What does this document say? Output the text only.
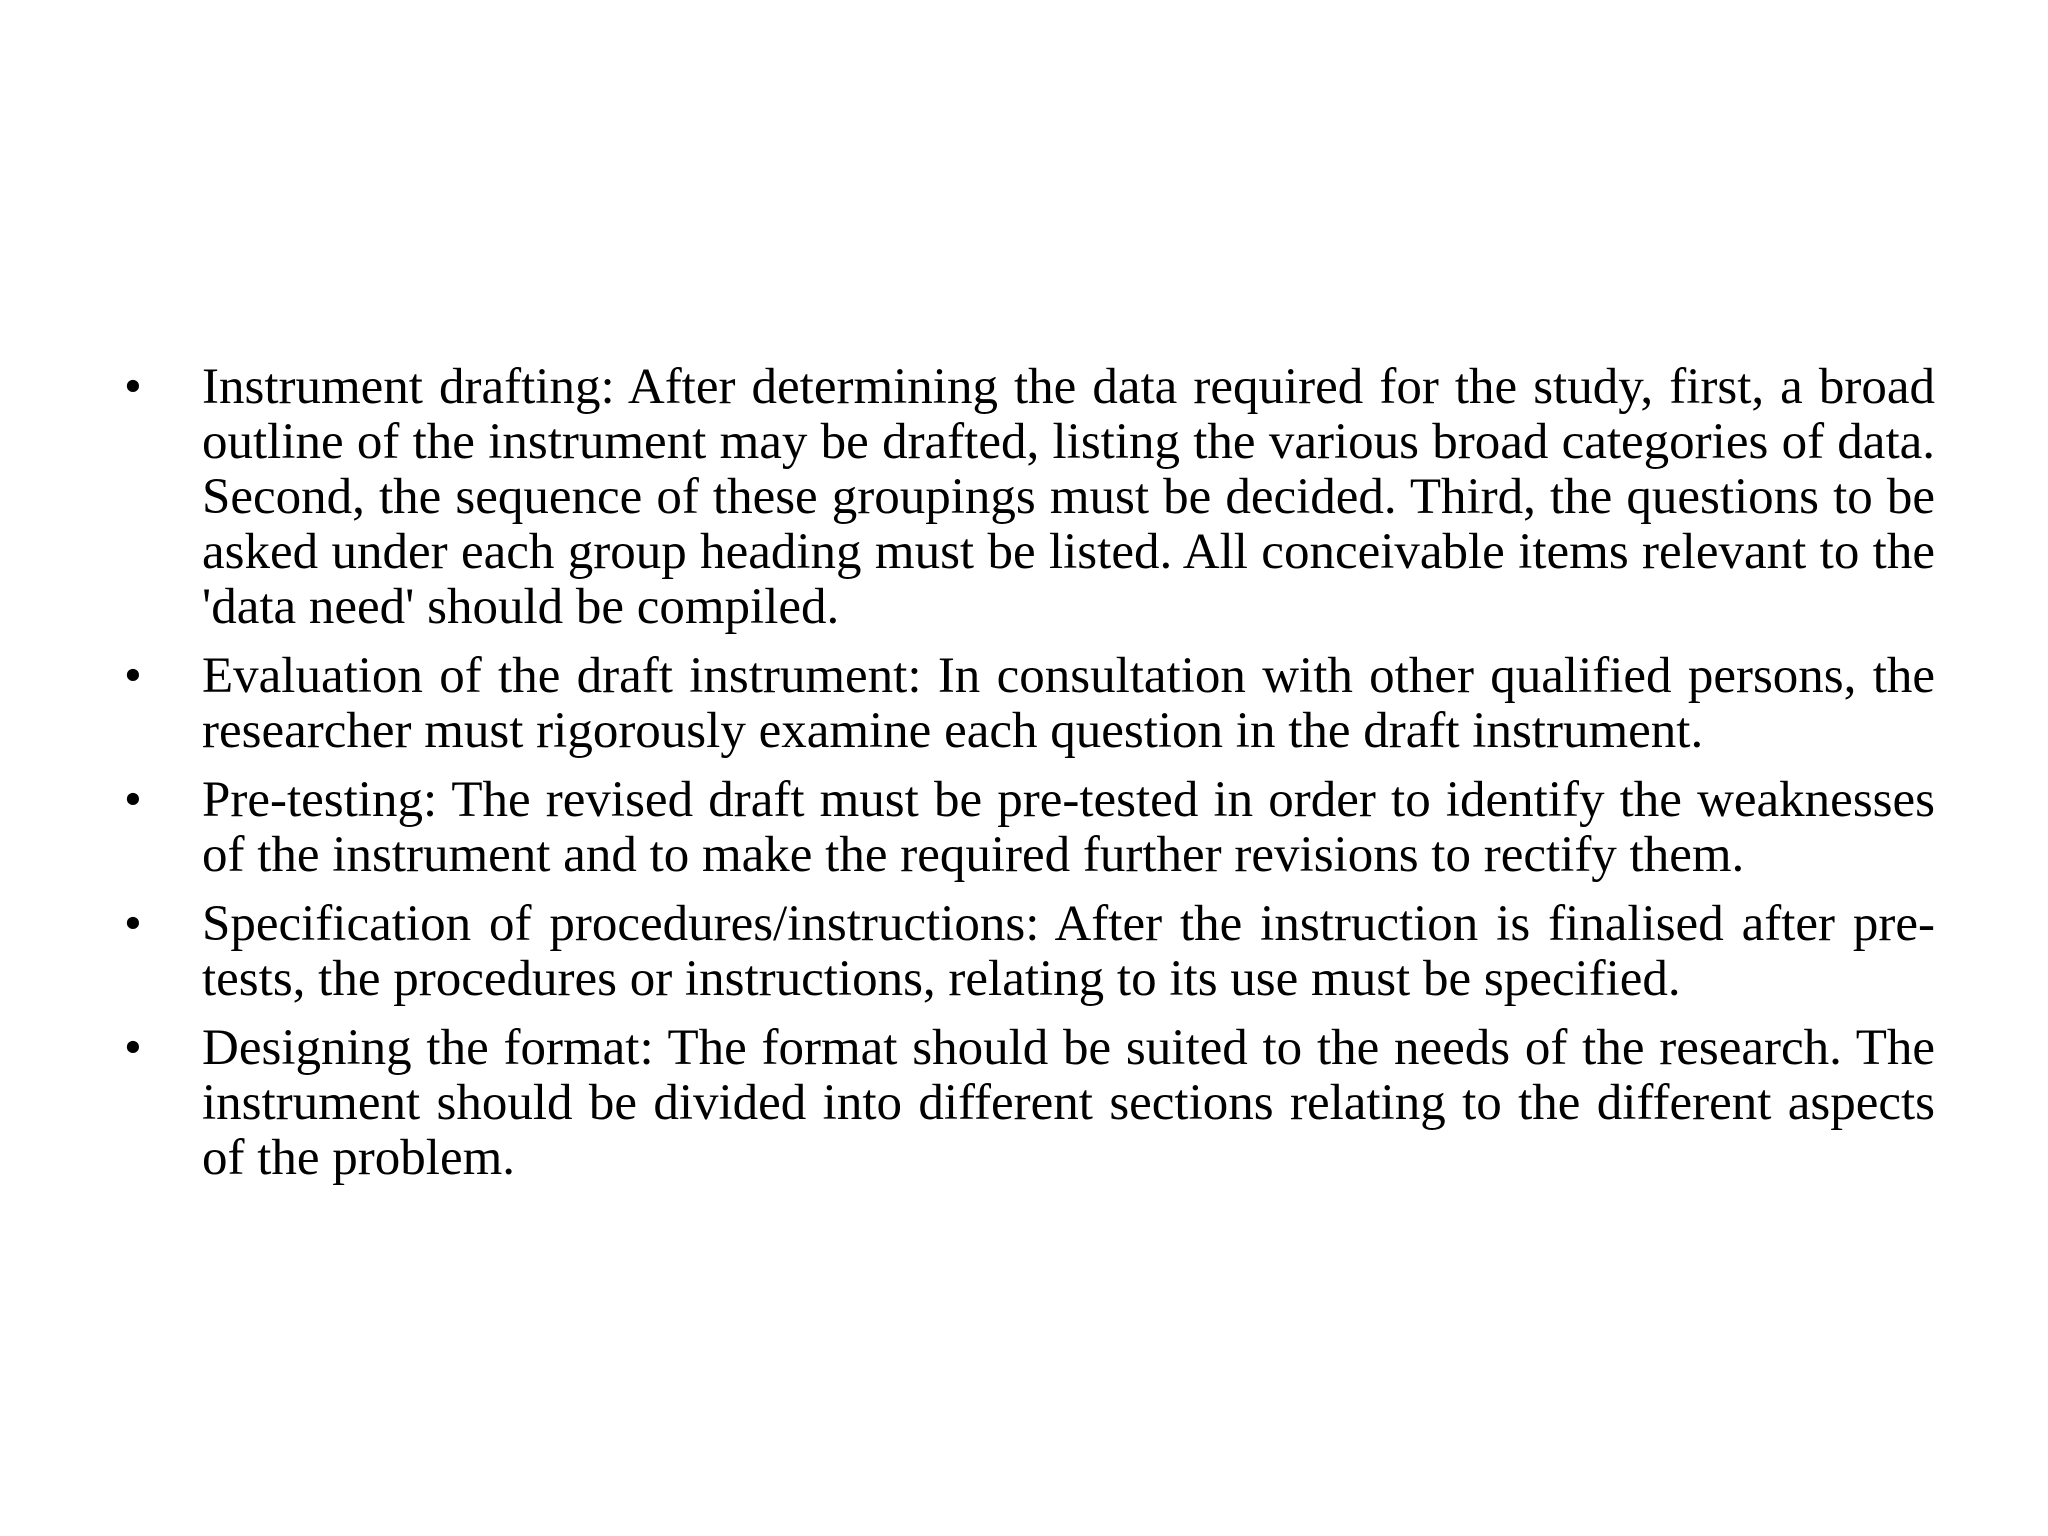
•	Instrument drafting: After determining the data required for the study, first, a broad outline of the instrument may be drafted, listing the various broad categories of data. Second, the sequence of these groupings must be decided. Third, the questions to be asked under each group heading must be listed. All conceivable items relevant to the 'data need' should be compiled.
•	Evaluation of the draft instrument: In consultation with other qualified persons, the researcher must rigorously examine each question in the draft instrument.
•	Pre-testing: The revised draft must be pre-tested in order to identify the weaknesses of the instrument and to make the required further revisions to rectify them.
•	Specification of procedures/instructions: After the instruction is finalised after pre-tests, the procedures or instructions, relating to its use must be specified.
•	Designing the format: The format should be suited to the needs of the research. The instrument should be divided into different sections relating to the different aspects of the problem.
